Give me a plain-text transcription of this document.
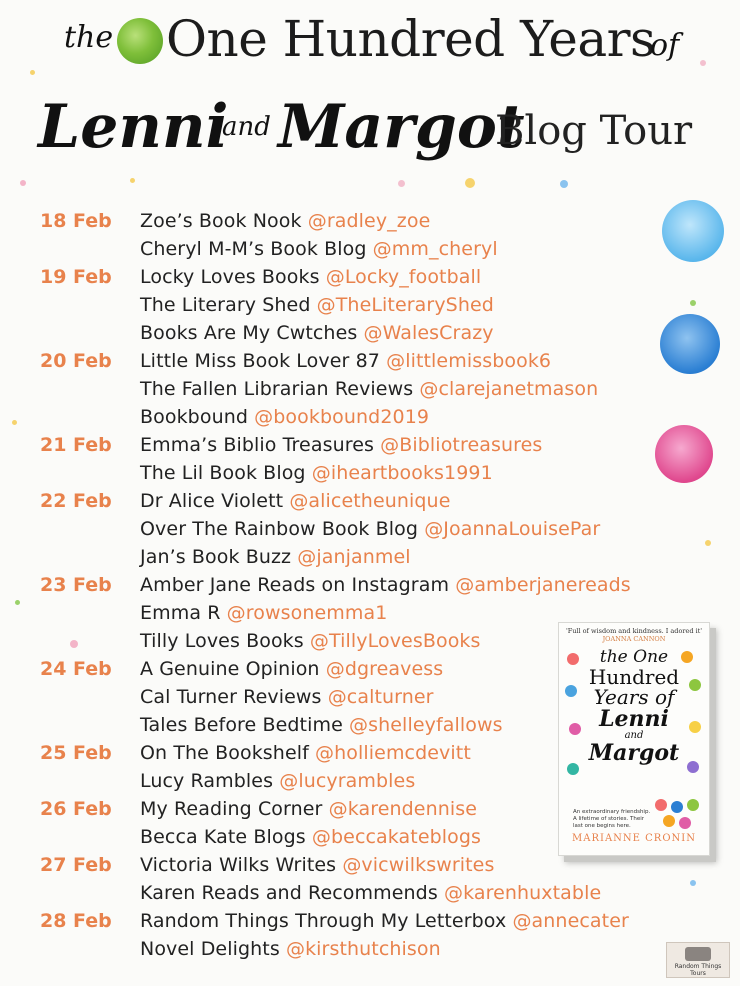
the One Hundred Years
of
Lenni
and Margot
Blog Tour
18 Feb	Zoe’s Book Nook @radley_zoe
Cheryl M-M’s Book Blog @mm_cheryl
19 Feb	Locky Loves Books @Locky_football
The Literary Shed @TheLiteraryShed
Books Are My Cwtches @WalesCrazy
20 Feb	Little Miss Book Lover 87 @littlemissbook6
The Fallen Librarian Reviews @clarejanetmason
Bookbound @bookbound2019
21 Feb	Emma’s Biblio Treasures @Bibliotreasures
The Lil Book Blog @iheartbooks1991
22 Feb	Dr Alice Violett @alicetheunique
Over The Rainbow Book Blog @JoannaLouisePar
Jan’s Book Buzz @janjanmel
23 Feb	Amber Jane Reads on Instagram @amberjanereads
Emma R @rowsonemma1
Tilly Loves Books @TillyLovesBooks
24 Feb	A Genuine Opinion @dgreavess
Cal Turner Reviews @calturner
Tales Before Bedtime @shelleyfallows
25 Feb	On The Bookshelf @holliemcdevitt
Lucy Rambles @lucyrambles
26 Feb	My Reading Corner @karendennise
Becca Kate Blogs @beccakateblogs
27 Feb	Victoria Wilks Writes @vicwilkswrites
Karen Reads and Recommends @karenhuxtable
28 Feb	Random Things Through My Letterbox @annecater
Novel Delights @kirsthutchison
'Full of wisdom and kindness. I adored it'
JOANNA CANNON
the One
Hundred
Years of
Lenni
and
Margot
An extraordinary friendship. A lifetime of stories. Their last one begins here.
MARIANNE CRONIN
Random Things Tours
